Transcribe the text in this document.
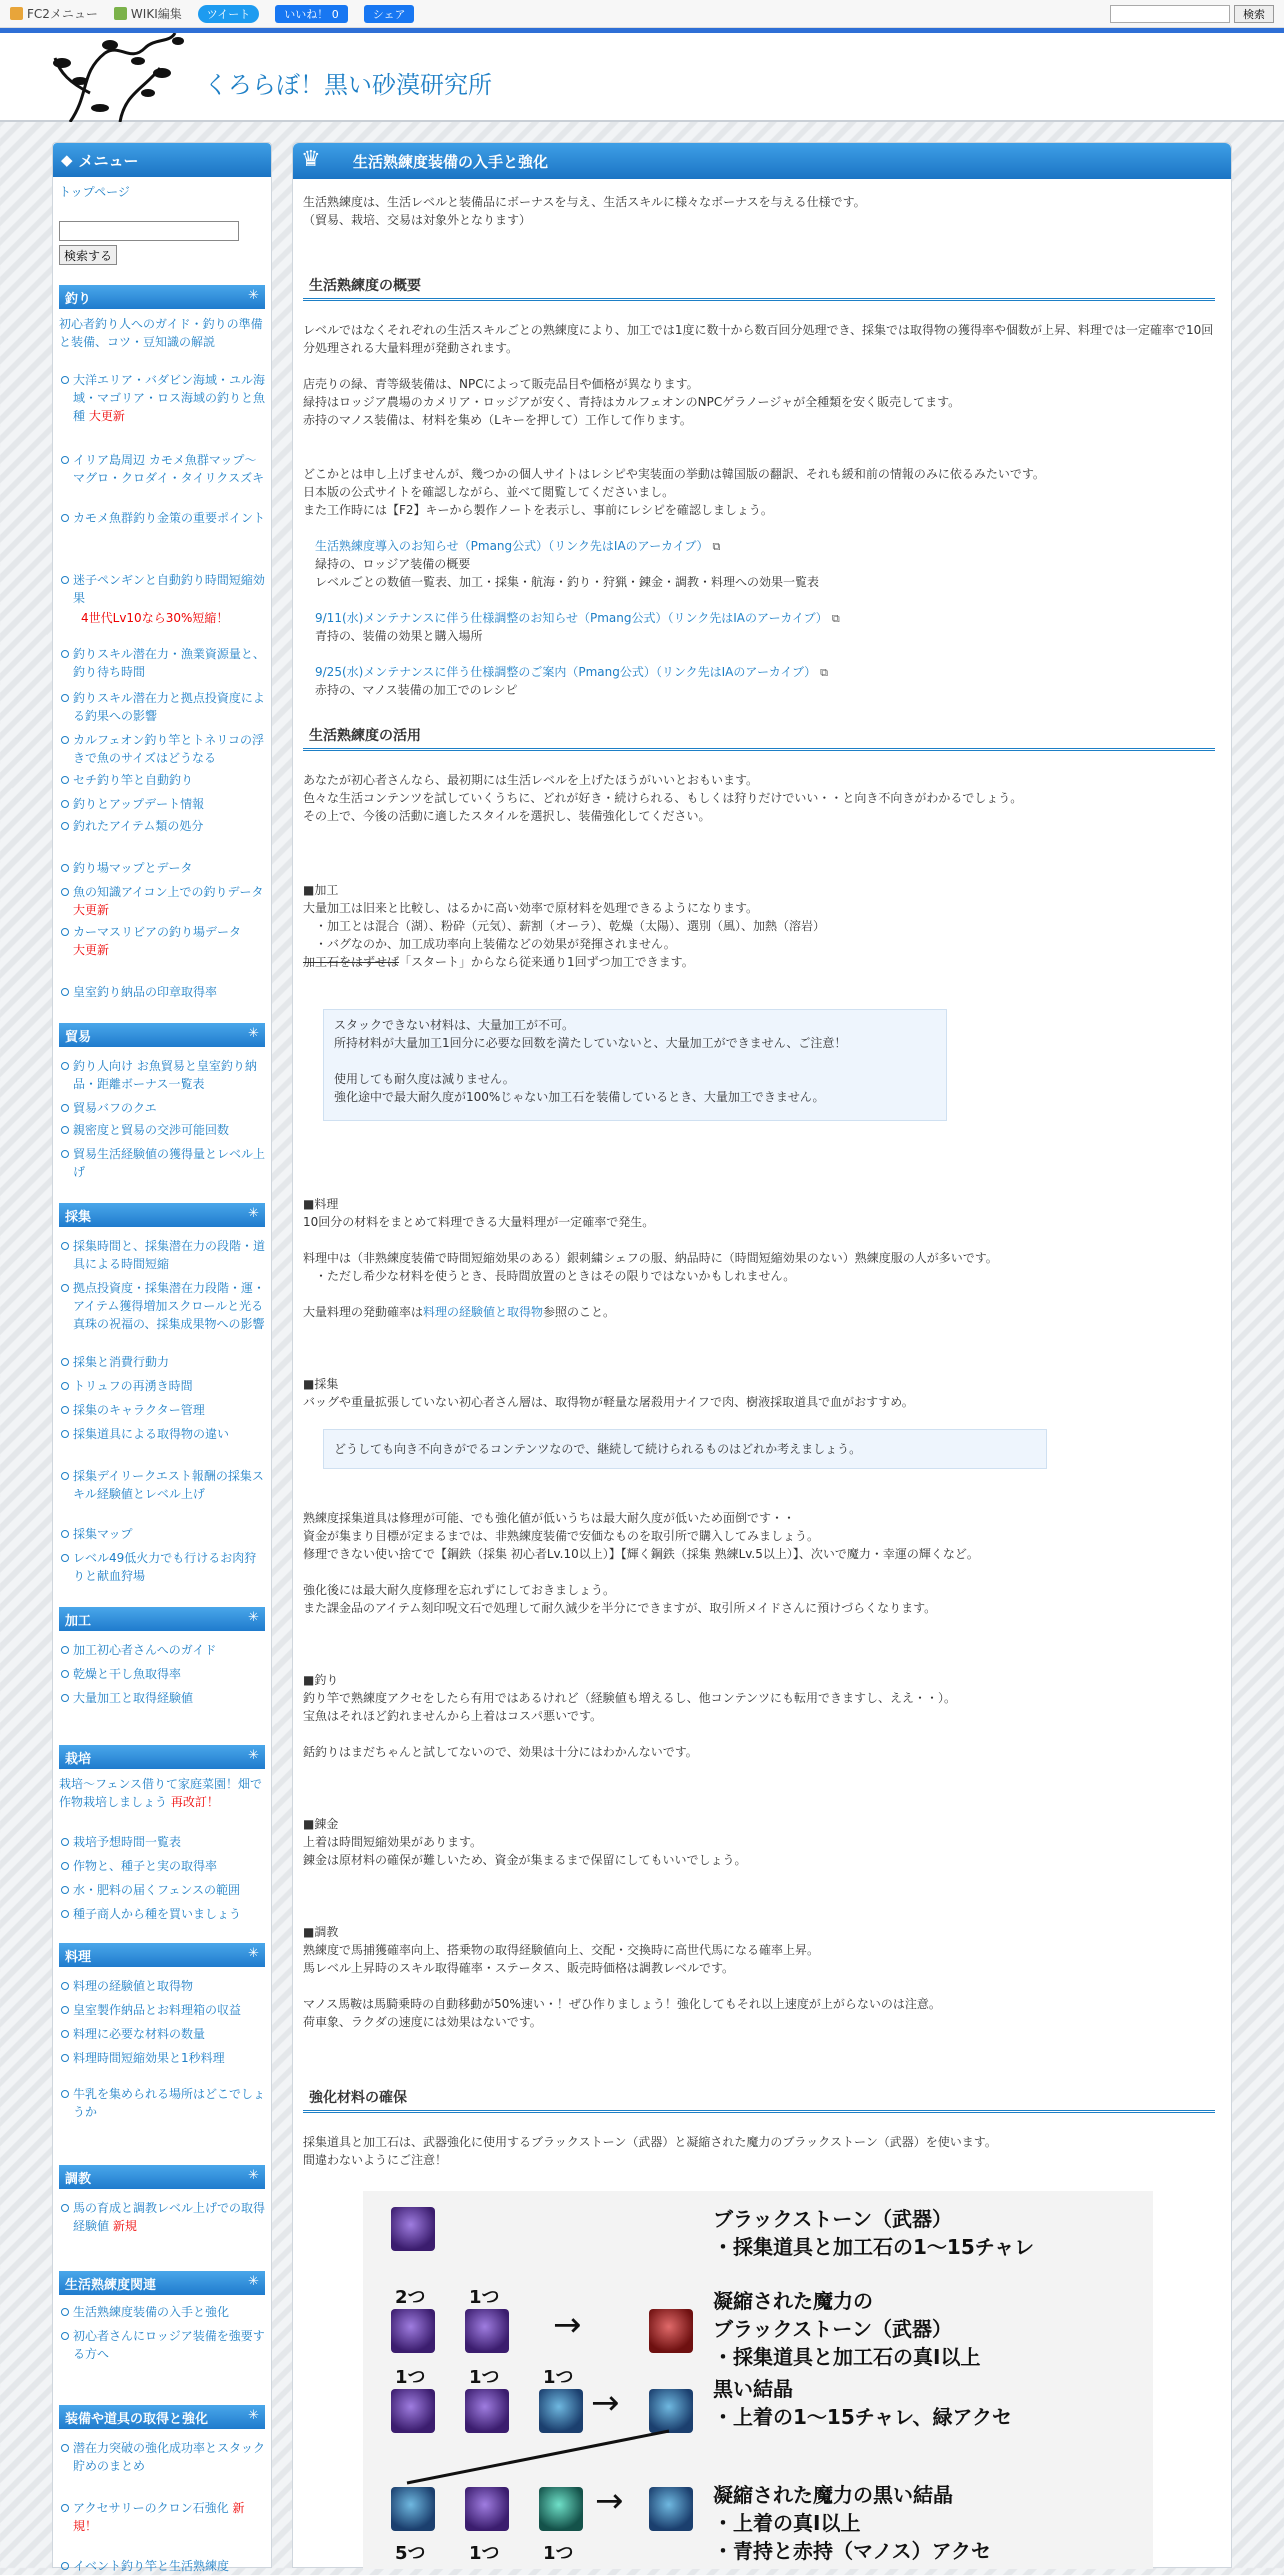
FC2メニュー	WIKI編集	ツイート	いいね！ 0	シェア	検索
くろらぼ！黒い砂漠研究所
◆ メニュー
トップページ

検索する
釣り	✳
初心者釣り人へのガイド・釣りの準備と装備、コツ・豆知識の解説
大洋エリア・バダビン海域・ユル海域・マゴリア・ロス海域の釣りと魚種 大更新
イリア島周辺 カモメ魚群マップ～マグロ・クロダイ・タイリクスズキ
カモメ魚群釣り金策の重要ポイント
迷子ペンギンと自動釣り時間短縮効果
4世代Lv10なら30%短縮！
釣りスキル潜在力・漁業資源量と、釣り待ち時間
釣りスキル潜在力と拠点投資度による釣果への影響
カルフェオン釣り竿とトネリコの浮きで魚のサイズはどうなる
セチ釣り竿と自動釣り
釣りとアップデート情報
釣れたアイテム類の処分
釣り場マップとデータ
魚の知識アイコン上での釣りデータ 大更新
カーマスリビアの釣り場データ
大更新
皇室釣り納品の印章取得率
貿易	✳
釣り人向け お魚貿易と皇室釣り納品・距離ボーナス一覧表
貿易バフのクエ
親密度と貿易の交渉可能回数
貿易生活経験値の獲得量とレベル上げ
採集	✳
採集時間と、採集潜在力の段階・道具による時間短縮
拠点投資度・採集潜在力段階・運・アイテム獲得増加スクロールと光る真珠の祝福の、採集成果物への影響
採集と消費行動力
トリュフの再湧き時間
採集のキャラクター管理
採集道具による取得物の違い
採集デイリークエスト報酬の採集スキル経験値とレベル上げ
採集マップ
レベル49低火力でも行けるお肉狩りと献血狩場
加工	✳
加工初心者さんへのガイド
乾燥と干し魚取得率
大量加工と取得経験値
栽培	✳
栽培～フェンス借りて家庭菜園！畑で作物栽培しましょう 再改訂！
栽培予想時間一覧表
作物と、種子と実の取得率
水・肥料の届くフェンスの範囲
種子商人から種を買いましょう
料理	✳
料理の経験値と取得物
皇室製作納品とお料理箱の収益
料理に必要な材料の数量
料理時間短縮効果と1秒料理
牛乳を集められる場所はどこでしょうか
調教	✳
馬の育成と調教レベル上げでの取得経験値 新規
生活熟練度関連	✳
生活熟練度装備の入手と強化
初心者さんにロッジア装備を強要する方へ
装備や道具の取得と強化	✳
潜在力突破の強化成功率とスタック貯めのまとめ
アクセサリーのクロン石強化 新規！
イベント釣り竿と生活熟練度
♛ 生活熟練度装備の入手と強化
生活熟練度は、生活レベルと装備品にボーナスを与え、生活スキルに様々なボーナスを与える仕様です。
（貿易、栽培、交易は対象外となります）
生活熟練度の概要
レベルではなくそれぞれの生活スキルごとの熟練度により、加工では1度に数十から数百回分処理でき、採集では取得物の獲得率や個数が上昇、料理では一定確率で10回分処理される大量料理が発動されます。
店売りの緑、青等級装備は、NPCによって販売品目や価格が異なります。
緑持はロッジア農場のカメリア・ロッジアが安く、青持はカルフェオンのNPCゲラノージャが全種類を安く販売してます。
赤持のマノス装備は、材料を集め（Lキーを押して）工作して作ります。
どこかとは申し上げませんが、幾つかの個人サイトはレシピや実装面の挙動は韓国版の翻訳、それも緩和前の情報のみに依るみたいです。
日本版の公式サイトを確認しながら、並べて閲覧してくださいまし。
また工作時には【F2】キーから製作ノートを表示し、事前にレシピを確認しましょう。
生活熟練度導入のお知らせ（Pmang公式）（リンク先はIAのアーカイブ） ⧉
緑持の、ロッジア装備の概要
レベルごとの数値一覧表、加工・採集・航海・釣り・狩猟・錬金・調教・料理への効果一覧表
9/11(水)メンテナンスに伴う仕様調整のお知らせ（Pmang公式）（リンク先はIAのアーカイブ） ⧉
青持の、装備の効果と購入場所
9/25(水)メンテナンスに伴う仕様調整のご案内（Pmang公式）（リンク先はIAのアーカイブ） ⧉
赤持の、マノス装備の加工でのレシピ
生活熟練度の活用
あなたが初心者さんなら、最初期には生活レベルを上げたほうがいいとおもいます。
色々な生活コンテンツを試していくうちに、どれが好き・続けられる、もしくは狩りだけでいい・・と向き不向きがわかるでしょう。
その上で、今後の活動に適したスタイルを選択し、装備強化してください。
■加工
大量加工は旧来と比較し、はるかに高い効率で原材料を処理できるようになります。
　・加工とは混合（湖）、粉砕（元気）、薪割（オーラ）、乾燥（太陽）、選別（風）、加熱（溶岩）
　・バグなのか、加工成功率向上装備などの効果が発揮されません。
加工石をはずせば「スタート」からなら従来通り1回ずつ加工できます。
スタックできない材料は、大量加工が不可。
所持材料が大量加工1回分に必要な回数を満たしていないと、大量加工ができません、ご注意！

使用しても耐久度は減りません。
強化途中で最大耐久度が100%じゃない加工石を装備しているとき、大量加工できません。
■料理
10回分の材料をまとめて料理できる大量料理が一定確率で発生。

料理中は（非熟練度装備で時間短縮効果のある）銀刺繍シェフの服、納品時に（時間短縮効果のない）熟練度服の人が多いです。
　・ただし希少な材料を使うとき、長時間放置のときはその限りではないかもしれません。
大量料理の発動確率は料理の経験値と取得物参照のこと。
■採集
バッグや重量拡張していない初心者さん層は、取得物が軽量な屠殺用ナイフで肉、樹液採取道具で血がおすすめ。
どうしても向き不向きがでるコンテンツなので、継続して続けられるものはどれか考えましょう。
熟練度採集道具は修理が可能、でも強化値が低いうちは最大耐久度が低いため面倒です・・
資金が集まり目標が定まるまでは、非熟練度装備で安価なものを取引所で購入してみましょう。
修理できない使い捨てで【鋼鉄（採集 初心者Lv.10以上）】【輝く鋼鉄（採集 熟練Lv.5以上）】、次いで魔力・幸運の輝くなど。

強化後には最大耐久度修理を忘れずにしておきましょう。
また課金品のアイテム刻印呪文石で処理して耐久減少を半分にできますが、取引所メイドさんに預けづらくなります。
■釣り
釣り竿で熟練度アクセをしたら有用ではあるけれど（経験値も増えるし、他コンテンツにも転用できますし、ええ・・）。
宝魚はそれほど釣れませんから上着はコスパ悪いです。

銛釣りはまだちゃんと試してないので、効果は十分にはわかんないです。
■錬金
上着は時間短縮効果があります。
錬金は原材料の確保が難しいため、資金が集まるまで保留にしてもいいでしょう。
■調教
熟練度で馬捕獲確率向上、搭乗物の取得経験値向上、交配・交換時に高世代馬になる確率上昇。
馬レベル上昇時のスキル取得確率・ステータス、販売時価格は調教レベルです。

マノス馬鞍は馬騎乗時の自動移動が50%速い・！ぜひ作りましょう！強化してもそれ以上速度が上がらないのは注意。
荷車象、ラクダの速度には効果はないです。
強化材料の確保
採集道具と加工石は、武器強化に使用するブラックストーン（武器）と凝縮された魔力のブラックストーン（武器）を使います。
間違わないようにご注意！
ブラックストーン（武器）
・採集道具と加工石の1～15チャレ
2つ 1つ
→
凝縮された魔力の
ブラックストーン（武器）
・採集道具と加工石の真Ⅰ以上
1つ 1つ 1つ
→	黒い結晶
・上着の1～15チャレ、緑アクセ
→
5つ 1つ 1つ
凝縮された魔力の黒い結晶
・上着の真Ⅰ以上
・青持と赤持（マノス）アクセ
